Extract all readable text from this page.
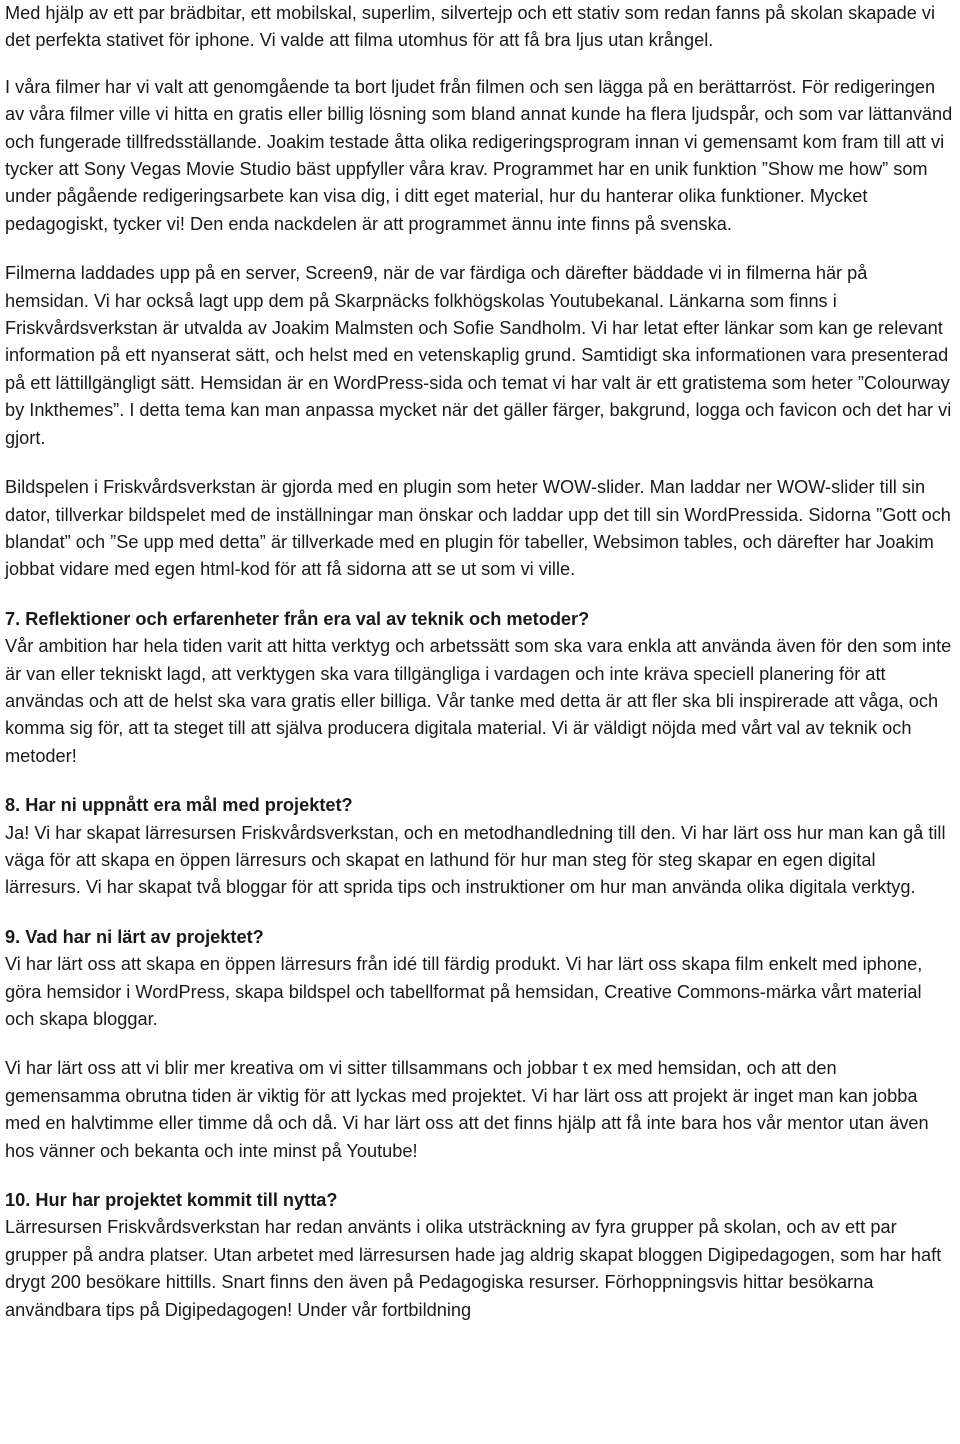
Med hjälp av ett par brädbitar, ett mobilskal, superlim, silvertejp och ett stativ som redan fanns på skolan skapade vi det perfekta stativet för iphone. Vi valde att filma utomhus för att få bra ljus utan krångel.

I våra filmer har vi valt att genomgående ta bort ljudet från filmen och sen lägga på en berättarröst. För redigeringen av våra filmer ville vi hitta en gratis eller billig lösning som bland annat kunde ha flera ljudspår, och som var lättanvänd och fungerade tillfredsställande. Joakim testade åtta olika redigeringsprogram innan vi gemensamt kom fram till att vi tycker att Sony Vegas Movie Studio bäst uppfyller våra krav. Programmet har en unik funktion ”Show me how” som under pågående redigeringsarbete kan visa dig, i ditt eget material, hur du hanterar olika funktioner. Mycket pedagogiskt, tycker vi! Den enda nackdelen är att programmet ännu inte finns på svenska.

Filmerna laddades upp på en server, Screen9, när de var färdiga och därefter bäddade vi in filmerna här på hemsidan. Vi har också lagt upp dem på Skarpnäcks folkhögskolas Youtubekanal. Länkarna som finns i Friskvårdsverkstan är utvalda av Joakim Malmsten och Sofie Sandholm. Vi har letat efter länkar som kan ge relevant information på ett nyanserat sätt, och helst med en vetenskaplig grund. Samtidigt ska informationen vara presenterad på ett lättillgängligt sätt. Hemsidan är en WordPress-sida och temat vi har valt är ett gratistema som heter ”Colourway by Inkthemes”. I detta tema kan man anpassa mycket när det gäller färger, bakgrund, logga och favicon och det har vi gjort.

Bildspelen i Friskvårdsverkstan är gjorda med en plugin som heter WOW-slider. Man laddar ner WOW-slider till sin dator, tillverkar bildspelet med de inställningar man önskar och laddar upp det till sin WordPressida. Sidorna ”Gott och blandat” och ”Se upp med detta” är tillverkade med en plugin för tabeller, Websimon tables, och därefter har Joakim jobbat vidare med egen html-kod för att få sidorna att se ut som vi ville.

7. Reflektioner och erfarenheter från era val av teknik och metoder?

Vår ambition har hela tiden varit att hitta verktyg och arbetssätt som ska vara enkla att använda även för den som inte är van eller tekniskt lagd, att verktygen ska vara tillgängliga i vardagen och inte kräva speciell planering för att användas och att de helst ska vara gratis eller billiga. Vår tanke med detta är att fler ska bli inspirerade att våga, och komma sig för, att ta steget till att själva producera digitala material. Vi är väldigt nöjda med vårt val av teknik och metoder!

8. Har ni uppnått era mål med projektet?

Ja! Vi har skapat lärresursen Friskvårdsverkstan, och en metodhandledning till den. Vi har lärt oss hur man kan gå till väga för att skapa en öppen lärresurs och skapat en lathund för hur man steg för steg skapar en egen digital lärresurs. Vi har skapat två bloggar för att sprida tips och instruktioner om hur man använda olika digitala verktyg.

9. Vad har ni lärt av projektet?

Vi har lärt oss att skapa en öppen lärresurs från idé till färdig produkt. Vi har lärt oss skapa film enkelt med iphone, göra hemsidor i WordPress, skapa bildspel och tabellformat på hemsidan, Creative Commons-märka vårt material och skapa bloggar.

Vi har lärt oss att vi blir mer kreativa om vi sitter tillsammans och jobbar t ex med hemsidan, och att den gemensamma obrutna tiden är viktig för att lyckas med projektet. Vi har lärt oss att projekt är inget man kan jobba med en halvtimme eller timme då och då. Vi har lärt oss att det finns hjälp att få inte bara hos vår mentor utan även hos vänner och bekanta och inte minst på Youtube!

10. Hur har projektet kommit till nytta?

Lärresursen Friskvårdsverkstan har redan använts i olika utsträckning av fyra grupper på skolan, och av ett par grupper på andra platser. Utan arbetet med lärresursen hade jag aldrig skapat bloggen Digipedagogen, som har haft drygt 200 besökare hittills. Snart finns den även på Pedagogiska resurser. Förhoppningsvis hittar besökarna användbara tips på Digipedagogen! Under vår fortbildning
